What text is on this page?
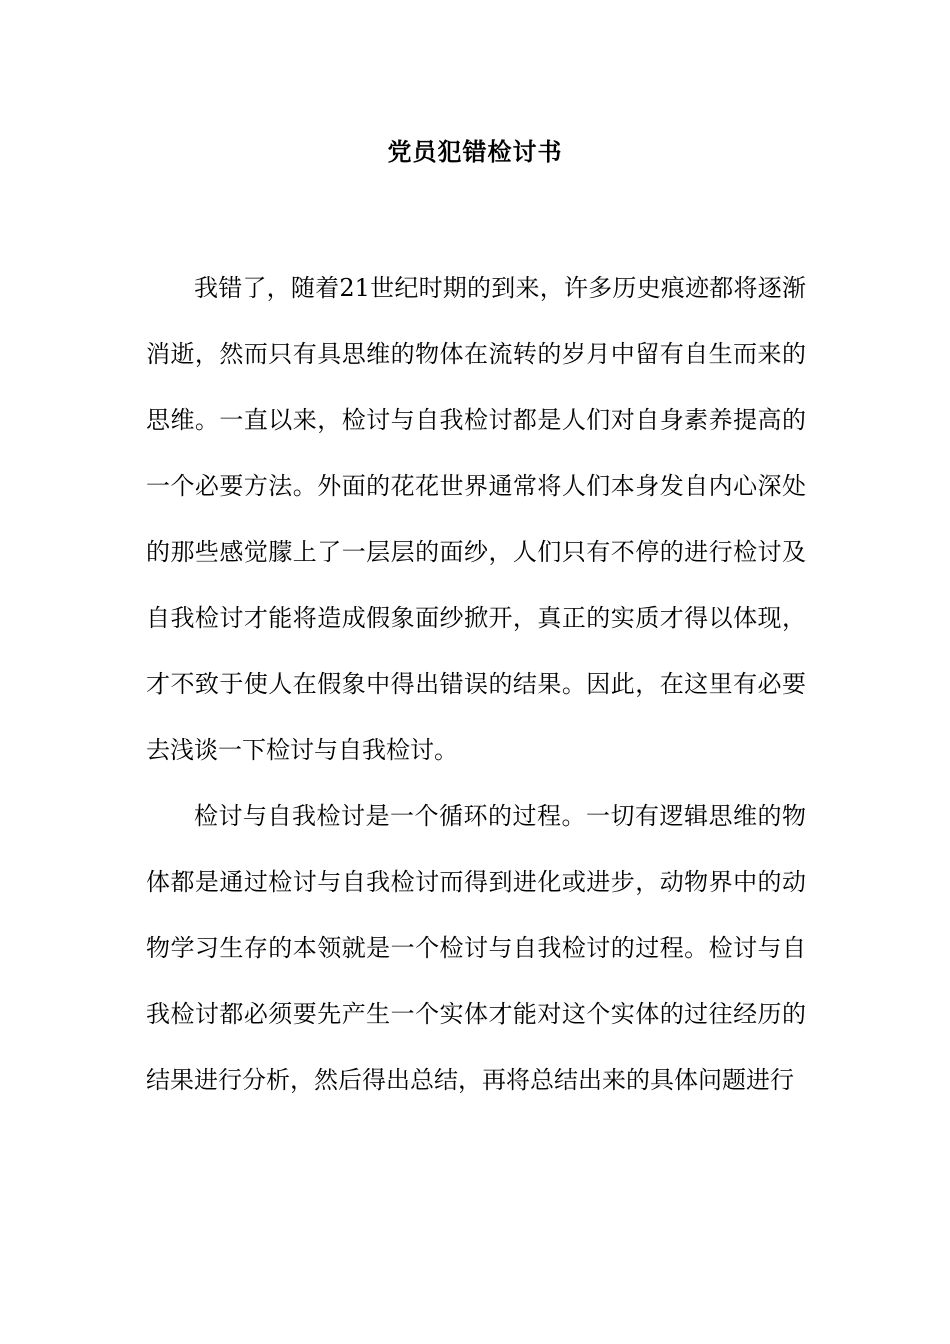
党员犯错检讨书

我错了，随着21世纪时期的到来，许多历史痕迹都将逐渐消逝，然而只有具思维的物体在流转的岁月中留有自生而来的思维。一直以来，检讨与自我检讨都是人们对自身素养提高的一个必要方法。外面的花花世界通常将人们本身发自内心深处的那些感觉朦上了一层层的面纱，人们只有不停的进行检讨及自我检讨才能将造成假象面纱掀开，真正的实质才得以体现，才不致于使人在假象中得出错误的结果。因此，在这里有必要去浅谈一下检讨与自我检讨。

检讨与自我检讨是一个循环的过程。一切有逻辑思维的物体都是通过检讨与自我检讨而得到进化或进步，动物界中的动物学习生存的本领就是一个检讨与自我检讨的过程。检讨与自我检讨都必须要先产生一个实体才能对这个实体的过往经历的结果进行分析，然后得出总结，再将总结出来的具体问题进行
